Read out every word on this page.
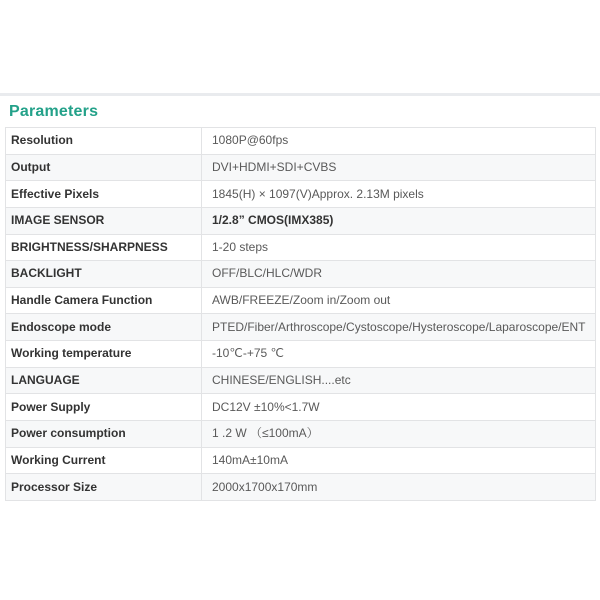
Parameters
Resolution	1080P@60fps
Output	DVI+HDMI+SDI+CVBS
Effective Pixels	1845(H) × 1097(V)Approx. 2.13M pixels
IMAGE SENSOR	1/2.8” CMOS(IMX385)
BRIGHTNESS/SHARPNESS	1-20 steps
BACKLIGHT	OFF/BLC/HLC/WDR
Handle Camera Function	AWB/FREEZE/Zoom in/Zoom out
Endoscope mode	PTED/Fiber/Arthroscope/Cystoscope/Hysteroscope/Laparoscope/ENT
Working temperature	-10℃-+75 ℃
LANGUAGE	CHINESE/ENGLISH....etc
Power Supply	DC12V ±10%<1.7W
Power consumption	1 .2 W （≤100mA）
Working Current	140mA±10mA
Processor Size	2000x1700x170mm
